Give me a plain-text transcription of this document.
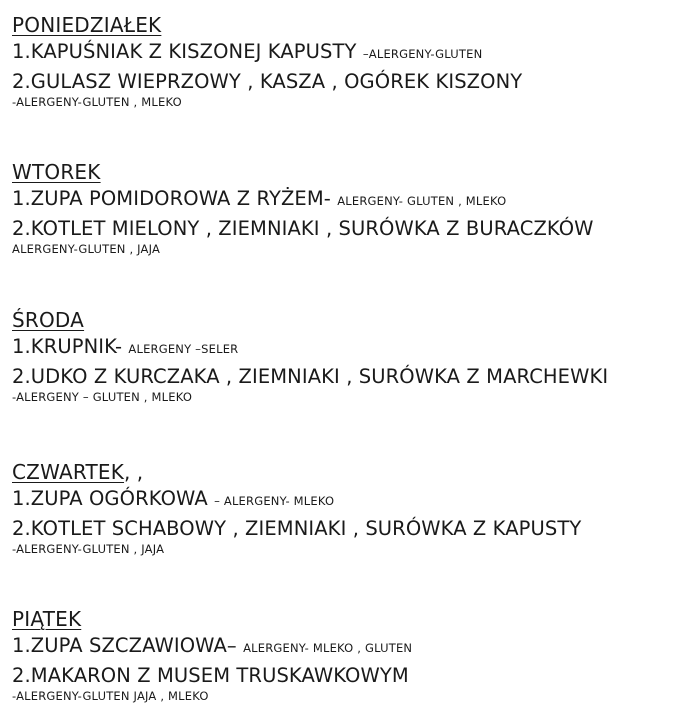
PONIEDZIAŁEK
1.KAPUŚNIAK Z KISZONEJ KAPUSTY –ALERGENY-GLUTEN
2.GULASZ WIEPRZOWY , KASZA , OGÓREK KISZONY
-ALERGENY-GLUTEN , MLEKO
WTOREK
1.ZUPA POMIDOROWA Z RYŻEM- ALERGENY- GLUTEN , MLEKO
2.KOTLET MIELONY , ZIEMNIAKI , SURÓWKA Z BURACZKÓW
ALERGENY-GLUTEN , JAJA
ŚRODA
1.KRUPNIK- ALERGENY –SELER
2.UDKO Z KURCZAKA , ZIEMNIAKI , SURÓWKA Z MARCHEWKI
-ALERGENY – GLUTEN , MLEKO
CZWARTEK, ,
1.ZUPA OGÓRKOWA – ALERGENY- MLEKO
2.KOTLET SCHABOWY , ZIEMNIAKI , SURÓWKA Z KAPUSTY
-ALERGENY-GLUTEN , JAJA
PIĄTEK
1.ZUPA SZCZAWIOWA– ALERGENY- MLEKO , GLUTEN
2.MAKARON Z MUSEM TRUSKAWKOWYM
-ALERGENY-GLUTEN JAJA , MLEKO
